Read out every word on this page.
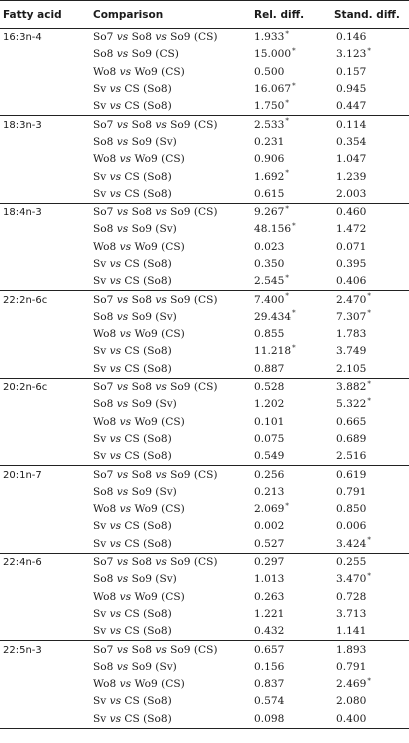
Fatty acid	Comparison	Rel. diff.	Stand. diff.
16:3n-4	So7 vs So8 vs So9 (CS)	1.933*	0.146
	So8 vs So9 (CS)	15.000*	3.123*
	Wo8 vs Wo9 (CS)	0.500	0.157
	Sv vs CS (So8)	16.067*	0.945
	Sv vs CS (So8)	1.750*	0.447
18:3n-3	So7 vs So8 vs So9 (CS)	2.533*	0.114
	So8 vs So9 (Sv)	0.231	0.354
	Wo8 vs Wo9 (CS)	0.906	1.047
	Sv vs CS (So8)	1.692*	1.239
	Sv vs CS (So8)	0.615	2.003
18:4n-3	So7 vs So8 vs So9 (CS)	9.267*	0.460
	So8 vs So9 (Sv)	48.156*	1.472
	Wo8 vs Wo9 (CS)	0.023	0.071
	Sv vs CS (So8)	0.350	0.395
	Sv vs CS (So8)	2.545*	0.406
22:2n-6c	So7 vs So8 vs So9 (CS)	7.400*	2.470*
	So8 vs So9 (Sv)	29.434*	7.307*
	Wo8 vs Wo9 (CS)	0.855	1.783
	Sv vs CS (So8)	11.218*	3.749
	Sv vs CS (So8)	0.887	2.105
20:2n-6c	So7 vs So8 vs So9 (CS)	0.528	3.882*
	So8 vs So9 (Sv)	1.202	5.322*
	Wo8 vs Wo9 (CS)	0.101	0.665
	Sv vs CS (So8)	0.075	0.689
	Sv vs CS (So8)	0.549	2.516
20:1n-7	So7 vs So8 vs So9 (CS)	0.256	0.619
	So8 vs So9 (Sv)	0.213	0.791
	Wo8 vs Wo9 (CS)	2.069*	0.850
	Sv vs CS (So8)	0.002	0.006
	Sv vs CS (So8)	0.527	3.424*
22:4n-6	So7 vs So8 vs So9 (CS)	0.297	0.255
	So8 vs So9 (Sv)	1.013	3.470*
	Wo8 vs Wo9 (CS)	0.263	0.728
	Sv vs CS (So8)	1.221	3.713
	Sv vs CS (So8)	0.432	1.141
22:5n-3	So7 vs So8 vs So9 (CS)	0.657	1.893
	So8 vs So9 (Sv)	0.156	0.791
	Wo8 vs Wo9 (CS)	0.837	2.469*
	Sv vs CS (So8)	0.574	2.080
	Sv vs CS (So8)	0.098	0.400
